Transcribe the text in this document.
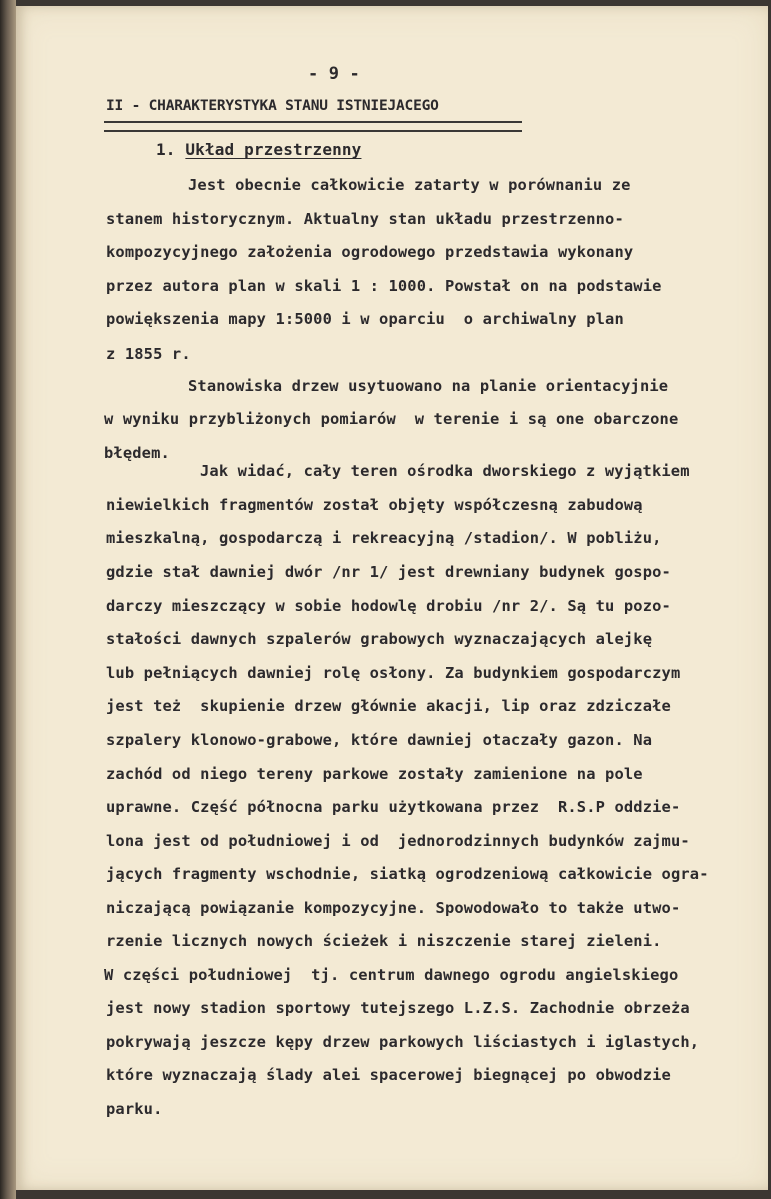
- 9 -
II - CHARAKTERYSTYKA STANU ISTNIEJACEGO
1. Układ przestrzenny
Jest obecnie całkowicie zatarty w porównaniu ze
stanem historycznym. Aktualny stan układu przestrzenno-
kompozycyjnego założenia ogrodowego przedstawia wykonany
przez autora plan w skali 1 : 1000. Powstał on na podstawie
powiększenia mapy 1:5000 i w oparciu  o archiwalny plan
z 1855 r.
Stanowiska drzew usytuowano na planie orientacyjnie
w wyniku przybliżonych pomiarów  w terenie i są one obarczone
błędem.
Jak widać, cały teren ośrodka dworskiego z wyjątkiem
niewielkich fragmentów został objęty współczesną zabudową
mieszkalną, gospodarczą i rekreacyjną /stadion/. W pobliżu,
gdzie stał dawniej dwór /nr 1/ jest drewniany budynek gospo-
darczy mieszczący w sobie hodowlę drobiu /nr 2/. Są tu pozo-
stałości dawnych szpalerów grabowych wyznaczających alejkę
lub pełniących dawniej rolę osłony. Za budynkiem gospodarczym
jest też  skupienie drzew głównie akacji, lip oraz zdziczałe
szpalery klonowo-grabowe, które dawniej otaczały gazon. Na
zachód od niego tereny parkowe zostały zamienione na pole
uprawne. Część północna parku użytkowana przez  R.S.P oddzie-
lona jest od południowej i od  jednorodzinnych budynków zajmu-
jących fragmenty wschodnie, siatką ogrodzeniową całkowicie ogra-
niczającą powiązanie kompozycyjne. Spowodowało to także utwo-
rzenie licznych nowych ścieżek i niszczenie starej zieleni.
W części południowej  tj. centrum dawnego ogrodu angielskiego
jest nowy stadion sportowy tutejszego L.Z.S. Zachodnie obrzeża
pokrywają jeszcze kępy drzew parkowych liściastych i iglastych,
które wyznaczają ślady alei spacerowej biegnącej po obwodzie
parku.
